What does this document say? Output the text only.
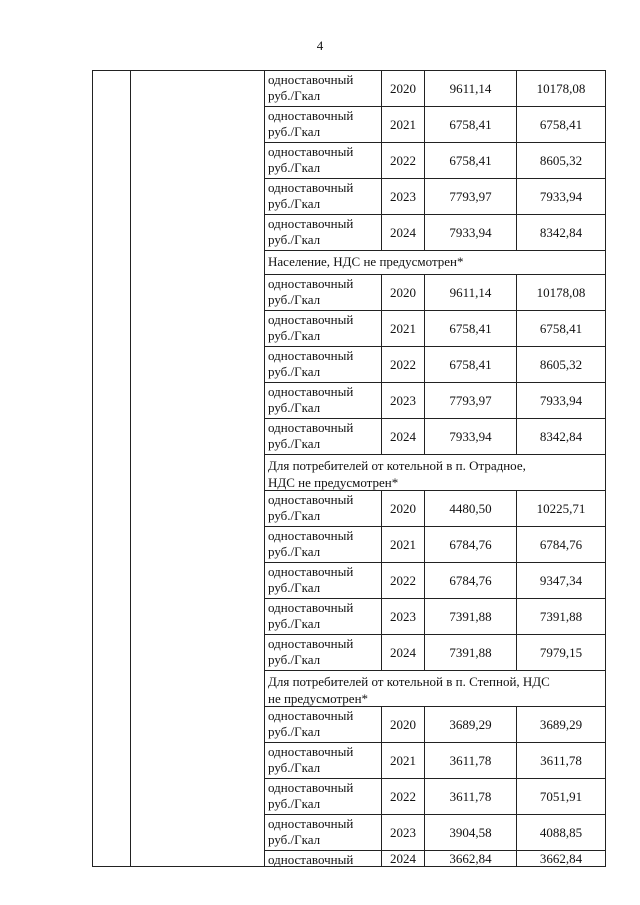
4
одноставочный
руб./Гкал	2020	9611,14	10178,08
одноставочный
руб./Гкал	2021	6758,41	6758,41
одноставочный
руб./Гкал	2022	6758,41	8605,32
одноставочный
руб./Гкал	2023	7793,97	7933,94
одноставочный
руб./Гкал	2024	7933,94	8342,84
Население, НДС не предусмотрен*
одноставочный
руб./Гкал	2020	9611,14	10178,08
одноставочный
руб./Гкал	2021	6758,41	6758,41
одноставочный
руб./Гкал	2022	6758,41	8605,32
одноставочный
руб./Гкал	2023	7793,97	7933,94
одноставочный
руб./Гкал	2024	7933,94	8342,84
Для потребителей от котельной в п. Отрадное,
НДС не предусмотрен*
одноставочный
руб./Гкал	2020	4480,50	10225,71
одноставочный
руб./Гкал	2021	6784,76	6784,76
одноставочный
руб./Гкал	2022	6784,76	9347,34
одноставочный
руб./Гкал	2023	7391,88	7391,88
одноставочный
руб./Гкал	2024	7391,88	7979,15
Для потребителей от котельной в п. Степной, НДС
не предусмотрен*
одноставочный
руб./Гкал	2020	3689,29	3689,29
одноставочный
руб./Гкал	2021	3611,78	3611,78
одноставочный
руб./Гкал	2022	3611,78	7051,91
одноставочный
руб./Гкал	2023	3904,58	4088,85
одноставочный	2024	3662,84	3662,84
